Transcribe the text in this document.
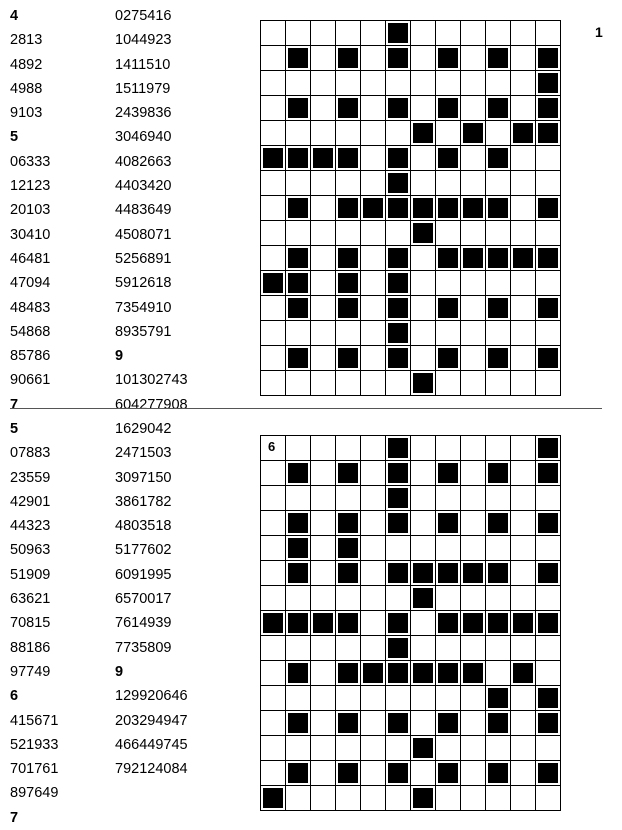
4
2813
4892
4988
9103
5
06333
12123
20103
30410
46481
47094
48483
54868
85786
90661
7
0275416
1044923
1411510
1511979
2439836
3046940
4082663
4403420
4483649
4508071
5256891
5912618
7354910
8935791
9
101302743
604277908
1
5
07883
23559
42901
44323
50963
51909
63621
70815
88186
97749
6
415671
521933
701761
897649
7
1629042
2471503
3097150
3861782
4803518
5177602
6091995
6570017
7614939
7735809
9
129920646
203294947
466449745
792124084
6
